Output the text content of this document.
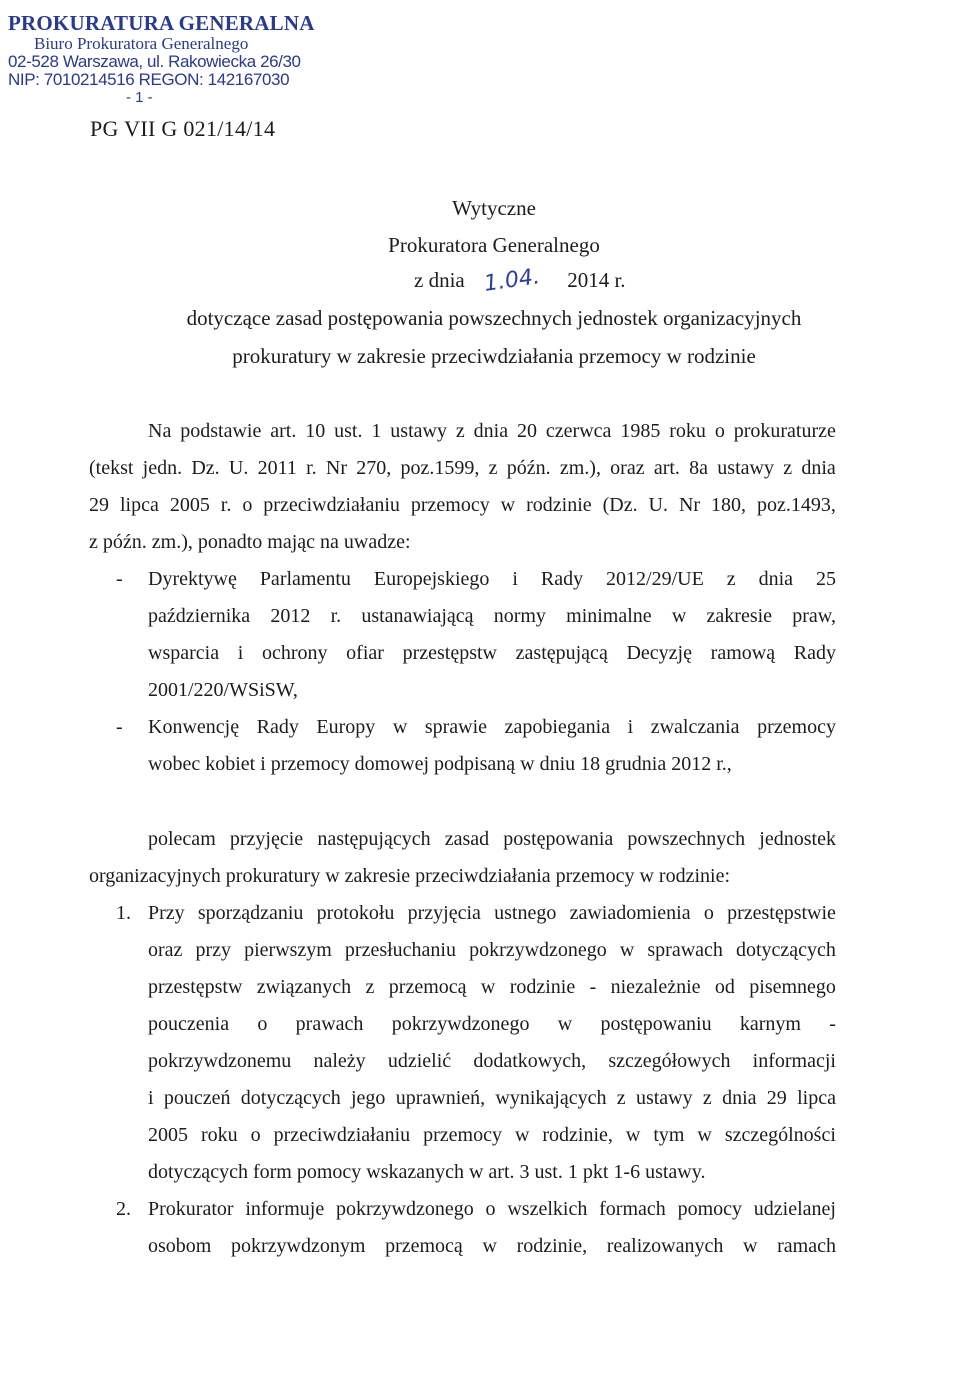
PROKURATURA GENERALNA
Biuro Prokuratora Generalnego
02-528 Warszawa, ul. Rakowiecka 26/30
NIP: 7010214516 REGON: 142167030
- 1 -
PG VII G 021/14/14
Wytyczne
Prokuratora Generalnego
z dnia 1.04. 2014 r.
dotyczące zasad postępowania powszechnych jednostek organizacyjnych
prokuratury w zakresie przeciwdziałania przemocy w rodzinie
Na podstawie art. 10 ust. 1 ustawy z dnia 20 czerwca 1985 roku o prokuraturze
(tekst jedn. Dz. U. 2011 r. Nr 270, poz.1599, z późn. zm.), oraz art. 8a ustawy z dnia
29 lipca 2005 r. o przeciwdziałaniu przemocy w rodzinie (Dz. U. Nr 180, poz.1493,
z późn. zm.), ponadto mając na uwadze:
- Dyrektywę Parlamentu Europejskiego i Rady 2012/29/UE z dnia 25
października 2012 r. ustanawiającą normy minimalne w zakresie praw,
wsparcia i ochrony ofiar przestępstw zastępującą Decyzję ramową Rady
2001/220/WSiSW,
- Konwencję Rady Europy w sprawie zapobiegania i zwalczania przemocy
wobec kobiet i przemocy domowej podpisaną w dniu 18 grudnia 2012 r.,
polecam przyjęcie następujących zasad postępowania powszechnych jednostek
organizacyjnych prokuratury w zakresie przeciwdziałania przemocy w rodzinie:
1. Przy sporządzaniu protokołu przyjęcia ustnego zawiadomienia o przestępstwie
oraz przy pierwszym przesłuchaniu pokrzywdzonego w sprawach dotyczących
przestępstw związanych z przemocą w rodzinie - niezależnie od pisemnego
pouczenia o prawach pokrzywdzonego w postępowaniu karnym -
pokrzywdzonemu należy udzielić dodatkowych, szczegółowych informacji
i pouczeń dotyczących jego uprawnień, wynikających z ustawy z dnia 29 lipca
2005 roku o przeciwdziałaniu przemocy w rodzinie, w tym w szczególności
dotyczących form pomocy wskazanych w art. 3 ust. 1 pkt 1-6 ustawy.
2. Prokurator informuje pokrzywdzonego o wszelkich formach pomocy udzielanej
osobom pokrzywdzonym przemocą w rodzinie, realizowanych w ramach
